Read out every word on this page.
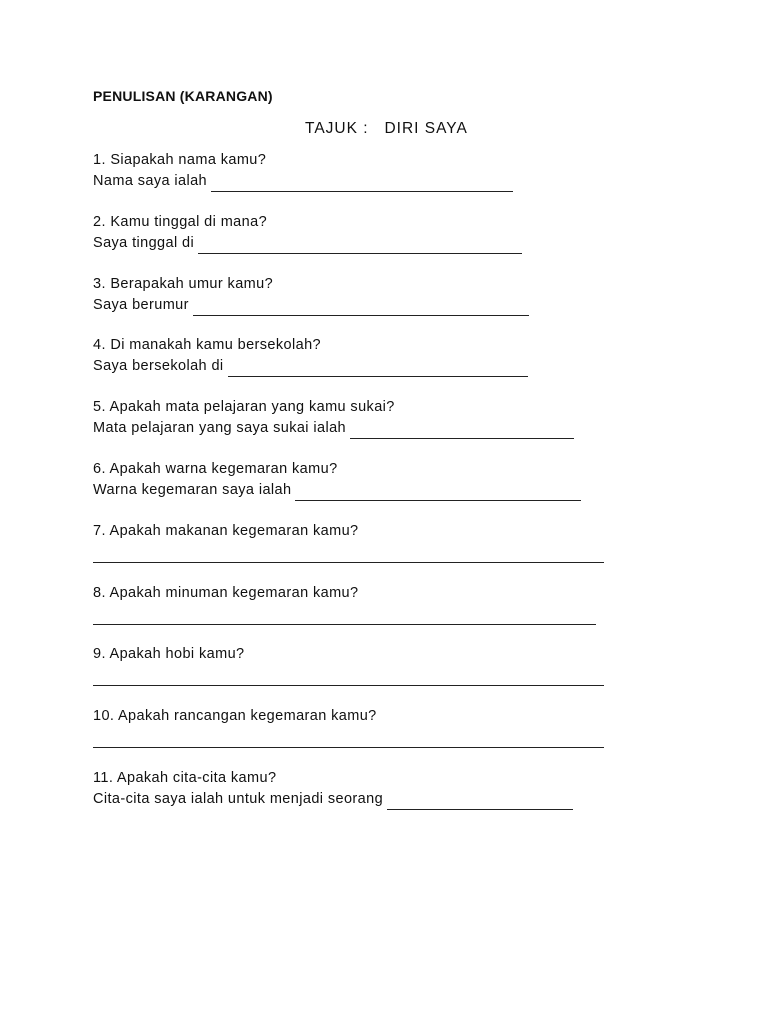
PENULISAN (KARANGAN)

TAJUK :   DIRI SAYA

1. Siapakah nama kamu?
Nama saya ialah
2. Kamu tinggal di mana?
Saya tinggal di
3. Berapakah umur kamu?
Saya berumur
4. Di manakah kamu bersekolah?
Saya bersekolah di
5. Apakah mata pelajaran yang kamu sukai?
Mata pelajaran yang saya sukai ialah
6. Apakah warna kegemaran kamu?
Warna kegemaran saya ialah
7. Apakah makanan kegemaran kamu?
8. Apakah minuman kegemaran kamu?
9. Apakah hobi kamu?
10. Apakah rancangan kegemaran kamu?
11. Apakah cita-cita kamu?
Cita-cita saya ialah untuk menjadi seorang
